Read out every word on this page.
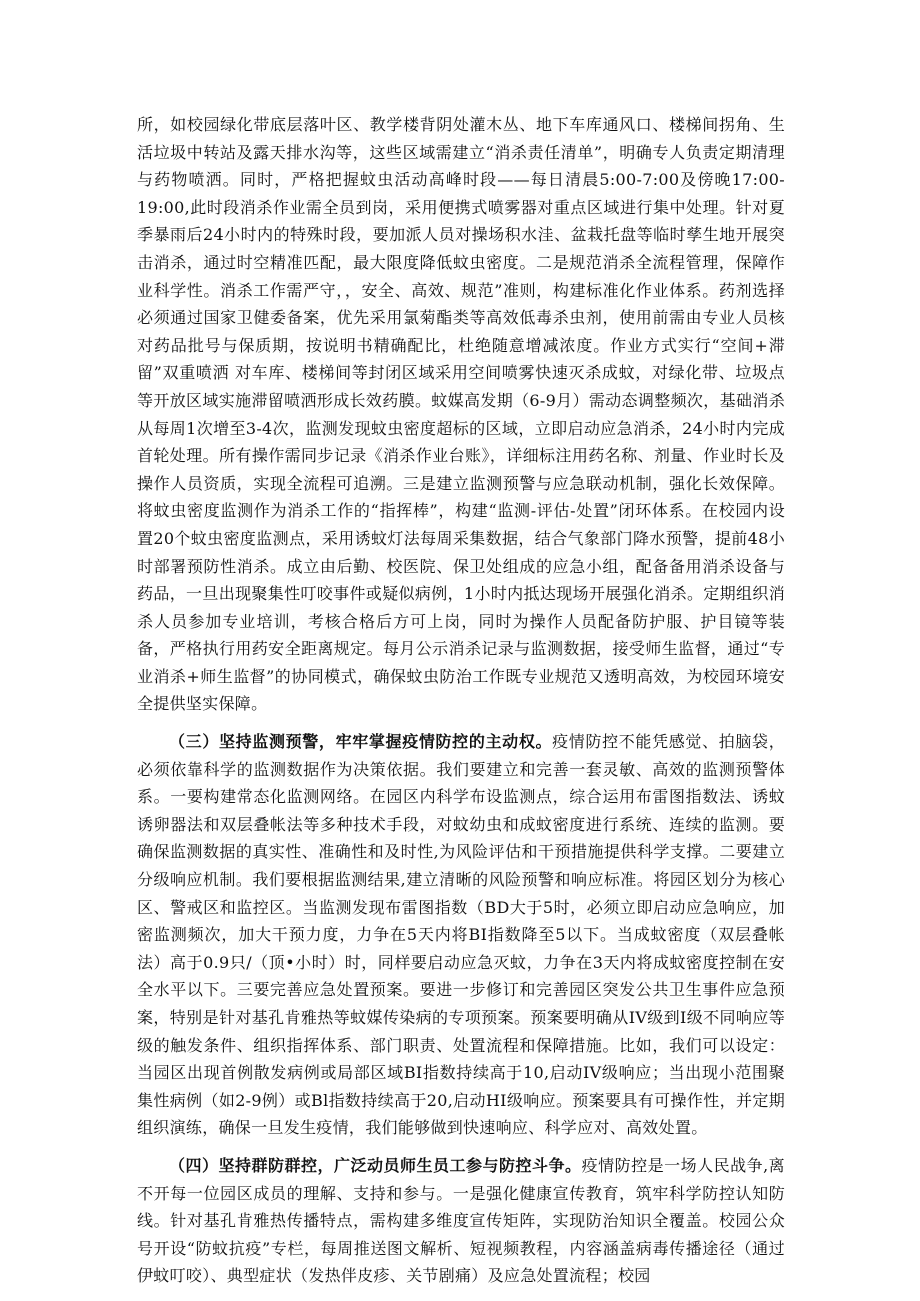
所，如校园绿化带底层落叶区、教学楼背阴处灌木丛、地下车库通风口、楼梯间拐角、生活垃圾中转站及露天排水沟等，这些区域需建立“消杀责任清单”，明确专人负责定期清理与药物喷洒。同时，严格把握蚊虫活动高峰时段——每日清晨5:00-7:00及傍晚17:00-19:00,此时段消杀作业需全员到岗，采用便携式喷雾器对重点区域进行集中处理。针对夏季暴雨后24小时内的特殊时段，要加派人员对操场积水洼、盆栽托盘等临时孳生地开展突击消杀，通过时空精准匹配，最大限度降低蚊虫密度。二是规范消杀全流程管理，保障作业科学性。消杀工作需严守，，安全、高效、规范”准则，构建标准化作业体系。药剂选择必须通过国家卫健委备案，优先采用氯菊酯类等高效低毒杀虫剂，使用前需由专业人员核对药品批号与保质期，按说明书精确配比，杜绝随意增减浓度。作业方式实行“空间+滞留”双重喷洒 对车库、楼梯间等封闭区域采用空间喷雾快速灭杀成蚊，对绿化带、垃圾点等开放区域实施滞留喷洒形成长效药膜。蚊媒高发期（6-9月）需动态调整频次，基础消杀从每周1次增至3-4次，监测发现蚊虫密度超标的区域，立即启动应急消杀，24小时内完成首轮处理。所有操作需同步记录《消杀作业台账》，详细标注用药名称、剂量、作业时长及操作人员资质，实现全流程可追溯。三是建立监测预警与应急联动机制，强化长效保障。将蚊虫密度监测作为消杀工作的“指挥棒”，构建“监测-评估-处置”闭环体系。在校园内设置20个蚊虫密度监测点，采用诱蚊灯法每周采集数据，结合气象部门降水预警，提前48小时部署预防性消杀。成立由后勤、校医院、保卫处组成的应急小组，配备备用消杀设备与药品，一旦出现聚集性叮咬事件或疑似病例，1小时内抵达现场开展强化消杀。定期组织消杀人员参加专业培训，考核合格后方可上岗，同时为操作人员配备防护服、护目镜等装备，严格执行用药安全距离规定。每月公示消杀记录与监测数据，接受师生监督，通过“专业消杀+师生监督”的协同模式，确保蚊虫防治工作既专业规范又透明高效，为校园环境安全提供坚实保障。

（三）坚持监测预警，牢牢掌握疫情防控的主动权。疫情防控不能凭感觉、拍脑袋，必须依靠科学的监测数据作为决策依据。我们要建立和完善一套灵敏、高效的监测预警体系。一要构建常态化监测网络。在园区内科学布设监测点，综合运用布雷图指数法、诱蚊诱卵器法和双层叠帐法等多种技术手段，对蚊幼虫和成蚊密度进行系统、连续的监测。要确保监测数据的真实性、准确性和及时性,为风险评估和干预措施提供科学支撑。二要建立分级响应机制。我们要根据监测结果,建立清晰的风险预警和响应标准。将园区划分为核心区、警戒区和监控区。当监测发现布雷图指数（BD大于5时，必须立即启动应急响应，加密监测频次，加大干预力度，力争在5天内将BI指数降至5以下。当成蚊密度（双层叠帐法）高于0.9只/（顶•小时）时，同样要启动应急灭蚊，力争在3天内将成蚊密度控制在安全水平以下。三要完善应急处置预案。要进一步修订和完善园区突发公共卫生事件应急预案，特别是针对基孔肯雅热等蚊媒传染病的专项预案。预案要明确从IV级到I级不同响应等级的触发条件、组织指挥体系、部门职责、处置流程和保障措施。比如，我们可以设定：当园区出现首例散发病例或局部区域BI指数持续高于10,启动IV级响应；当出现小范围聚集性病例（如2-9例）或Bl指数持续高于20,启动HI级响应。预案要具有可操作性，并定期组织演练，确保一旦发生疫情，我们能够做到快速响应、科学应对、高效处置。

（四）坚持群防群控，广泛动员师生员工参与防控斗争。疫情防控是一场人民战争,离不开每一位园区成员的理解、支持和参与。一是强化健康宣传教育，筑牢科学防控认知防线。针对基孔肯雅热传播特点，需构建多维度宣传矩阵，实现防治知识全覆盖。校园公众号开设“防蚊抗疫”专栏，每周推送图文解析、短视频教程，内容涵盖病毒传播途径（通过伊蚊叮咬）、典型症状（发热伴皮疹、关节剧痛）及应急处置流程；校园
